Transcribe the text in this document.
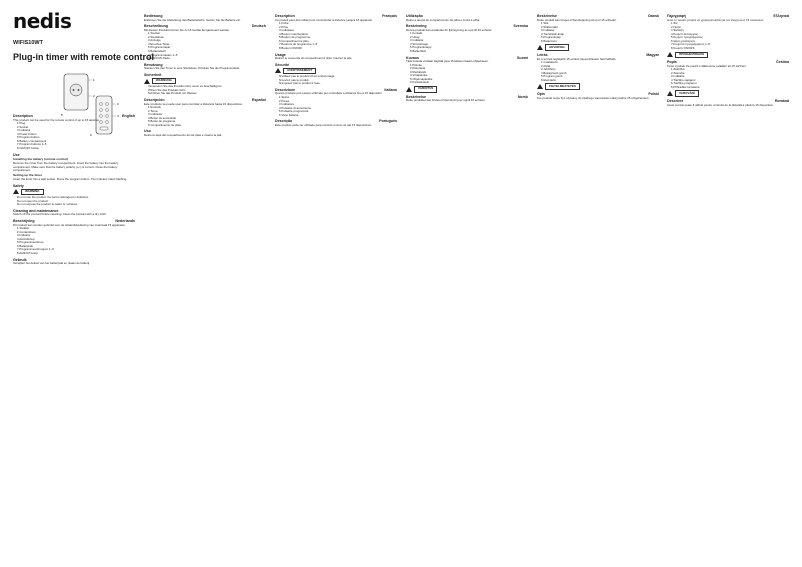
nedis
WIFIS10WT
Plug-in timer with remote control
1
2
3
4
5
6
Description	English

This product can be used for the remote control of up to 15 devices.

• 1 Plug
• 2 Socket
• 3 Indicator
• 4 Power button
• 5 Program button
• 6 Battery compartment
• 7 Program buttons 1–5
• 8 ON/OFF button
Use
Installing the battery (remote control)

Remove the cover from the battery compartment. Insert the battery into the battery compartment. Make sure that the battery polarity (+/-) is correct. Close the battery compartment.

Setting up the timer

Insert the timer into a wall socket. Press the program button. The indicator starts flashing.

Safety
WARNING
• Do not use the product if a part is damaged or defective.
• Do not open the product.
• Do not expose the product to water or moisture.
Cleaning and maintenance

Switch off the product before cleaning. Clean the product with a dry cloth.

Beschrijving	Nederlands

Dit product kan worden gebruikt voor de afstandsbediening van maximaal 15 apparaten.

• 1 Stekker
• 2 Contactdoos
• 3 Indicator
• 4 Aan/uitknop
• 5 Programmeerknop
• 6 Batterijvak
• 7 Programmeerknoppen 1–5
• 8 AAN/UIT-knop
Gebruik

Verwijder het deksel van het batterijvak en plaats de batterij.

Bedienung

Entfernen Sie die Abdeckung des Batteriefachs. Setzen Sie die Batterie ein.

Beschreibung	Deutsch

Mit diesem Produkt können bis zu 15 Geräte ferngesteuert werden.

• 1 Stecker
• 2 Steckdose
• 3 Anzeige
• 4 Ein-/Aus-Taste
• 5 Programmtaste
• 6 Batteriefach
• 7 Programmtasten 1–5
• 8 EIN/AUS-Taste
Benutzung

Stecken Sie den Timer in eine Steckdose. Drücken Sie die Programmtaste.

Sicherheit
WARNUNG
• Verwenden Sie das Produkt nicht, wenn es beschädigt ist.
• Öffnen Sie das Produkt nicht.
• Schützen Sie das Produkt vor Wasser.
Descripción	Español

Este producto se puede usar para controlar a distancia hasta 15 dispositivos.

• 1 Enchufe
• 2 Toma
• 3 Indicador
• 4 Botón de encendido
• 5 Botón de programa
• 6 Compartimento de pilas
Uso

Retire la tapa del compartimento de las pilas e inserte la pila.

Description	Français

Ce produit peut être utilisé pour commander à distance jusqu'à 15 appareils.

• 1 Fiche
• 2 Prise
• 3 Indicateur
• 4 Bouton marche/arrêt
• 5 Bouton de programme
• 6 Compartiment à piles
• 7 Boutons de programme 1–5
• 8 Bouton ON/OFF
Usage

Retirez le couvercle du compartiment à piles. Insérez la pile.

Sécurité
AVERTISSEMENT
• N'utilisez pas le produit s'il est endommagé.
• N'ouvrez pas le produit.
• N'exposez pas le produit à l'eau.
Descrizione	Italiano

Questo prodotto può essere utilizzato per controllare a distanza fino a 15 dispositivi.

• 1 Spina
• 2 Presa
• 3 Indicatore
• 4 Pulsante di accensione
• 5 Pulsante programma
• 6 Vano batteria
Descrição	Português

Este produto pode ser utilizado para controlo remoto de até 15 dispositivos.

Utilização

Retire a tampa do compartimento da pilha e insira a pilha.

Beskrivning	Svenska

Denna produkt kan användas för fjärrstyrning av upp till 15 enheter.

• 1 Kontakt
• 2 Uttag
• 3 Indikator
• 4 Strömknapp
• 5 Programknapp
• 6 Batterifack
Kuvaus	Suomi

Tätä tuotetta voidaan käyttää jopa 15 laitteen kauko-ohjaukseen.

• 1 Pistoke
• 2 Pistorasia
• 3 Merkkivalo
• 4 Virtapainike
• 5 Ohjelmapainike
• 6 Paristokotelo
VAROITUS
Beskrivelse	Norsk

Dette produktet kan brukes til fjernstyring av opptil 15 enheter.

Beskrivelse	Dansk

Dette produkt kan bruges til fjernbetjening af op til 15 enheder.

• 1 Stik
• 2 Stikkontakt
• 3 Indikator
• 4 Tænd/sluk-knap
• 5 Programknap
• 6 Batterirum
ADVARSEL
Leírás	Magyar

Ez a termék legfeljebb 15 eszköz távvezérlésére használható.

• 1 Csatlakozó
• 2 Aljzat
• 3 Jelzőfény
• 4 Bekapcsoló gomb
• 5 Program gomb
• 6 Elemtartó
FIGYELMEZTETÉS
Opis	Polski

Ten produkt może być używany do zdalnego sterowania maksymalnie 15 urządzeniami.

Περιγραφή	Ελληνικά

Αυτό το προϊόν μπορεί να χρησιμοποιηθεί για τον έλεγχο έως 15 συσκευών.

• 1 Φις
• 2 Πρίζα
• 3 Ένδειξη
• 4 Κουμπί λειτουργίας
• 5 Κουμπί προγράμματος
• 6 Θήκη μπαταριών
• 7 Κουμπιά προγράμματος 1–5
• 8 Κουμπί ON/OFF
ΠΡΟΕΙΔΟΠΟΙΗΣΗ
Popis	Čeština

Tento výrobek lze použít k dálkovému ovládání až 15 zařízení.

• 1 Zástrčka
• 2 Zásuvka
• 3 Indikátor
• 4 Tlačítko napájení
• 5 Tlačítko programu
• 6 Přihrádka na baterie
VAROVÁNÍ
Descriere	Română

Acest produs poate fi utilizat pentru controlul de la distanță a până la 15 dispozitive.
